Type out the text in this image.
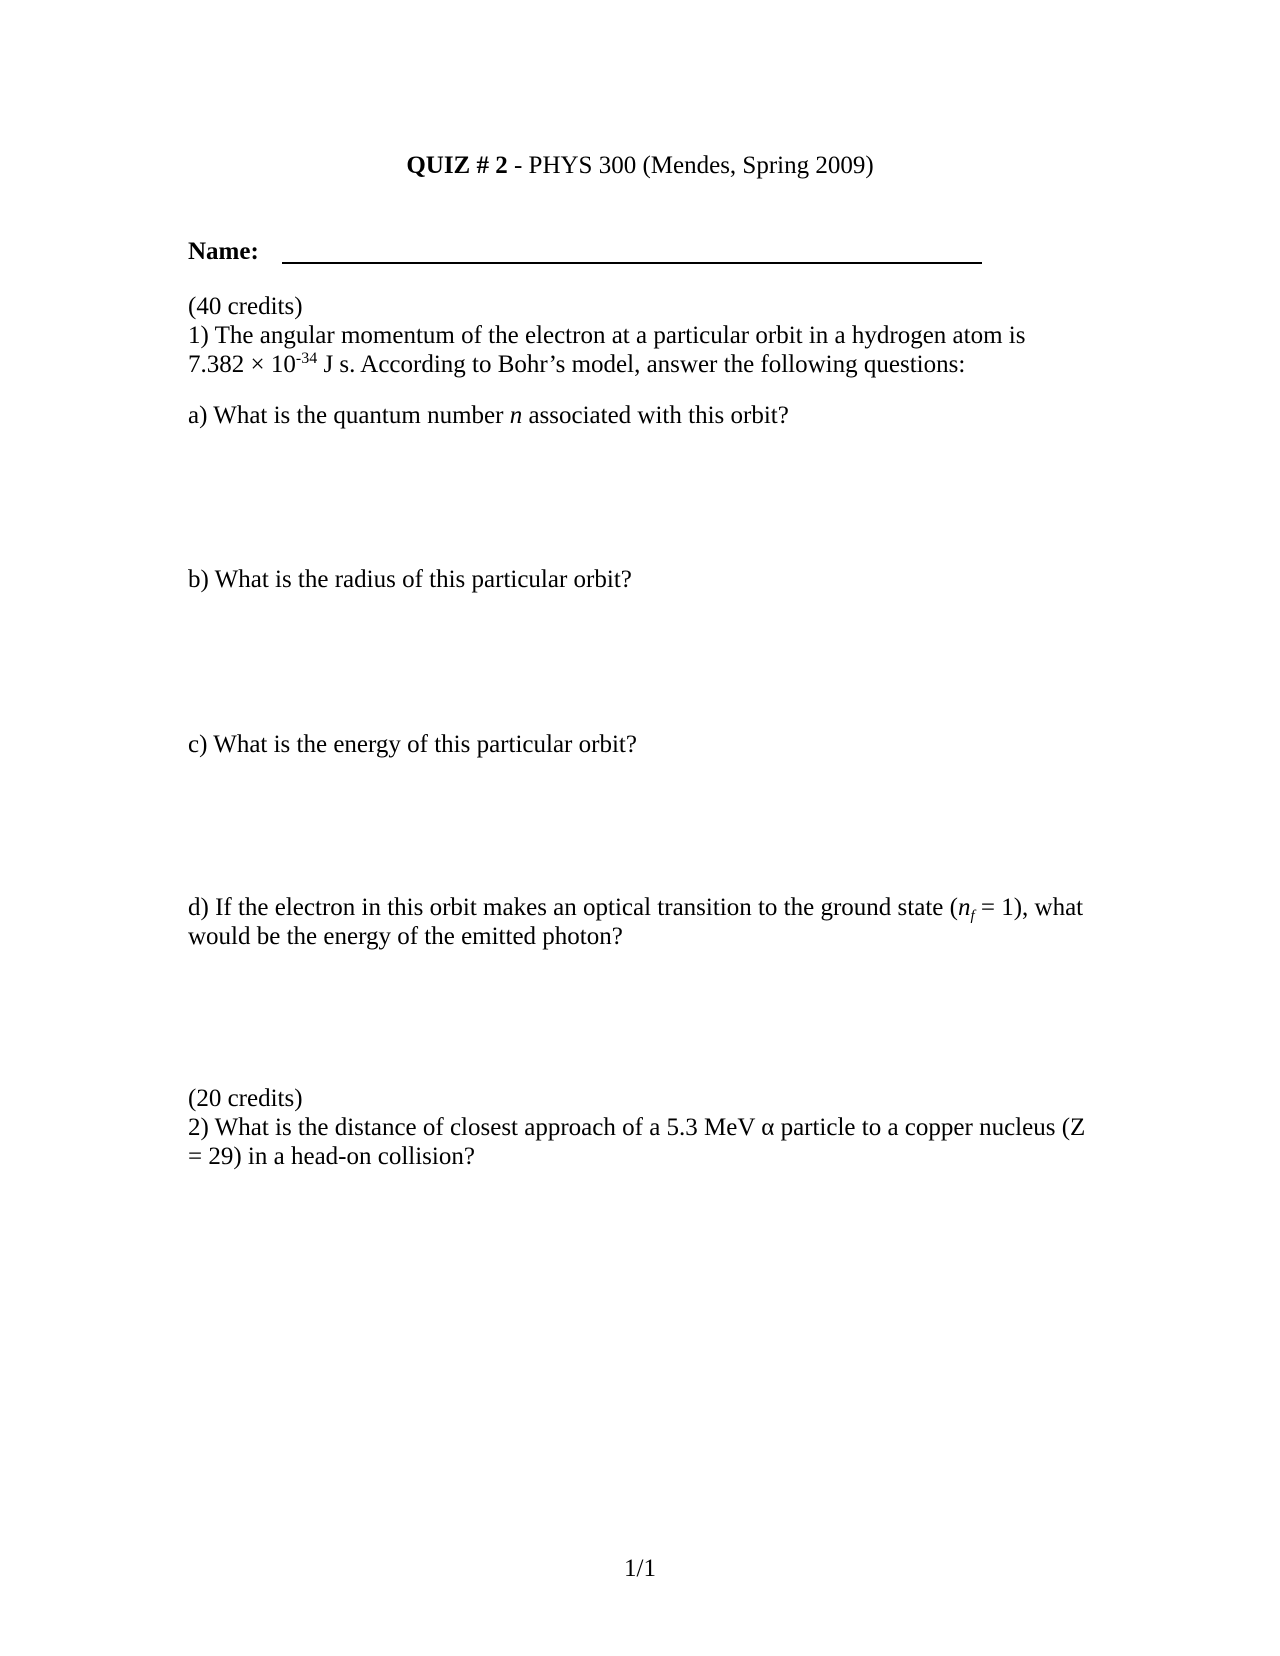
QUIZ # 2 - PHYS 300 (Mendes, Spring 2009)
Name:
(40 credits)
1) The angular momentum of the electron at a particular orbit in a hydrogen atom is
$7.382 \times 10^{-34}$ J s. According to Bohr’s model, answer the following questions:
a) What is the quantum number n associated with this orbit?
b) What is the radius of this particular orbit?
c) What is the energy of this particular orbit?
d) If the electron in this orbit makes an optical transition to the ground state $(n_f = 1)$, what
would be the energy of the emitted photon?
(20 credits)
2) What is the distance of closest approach of a 5.3 MeV α particle to a copper nucleus (Z
= 29) in a head-on collision?
1/1
